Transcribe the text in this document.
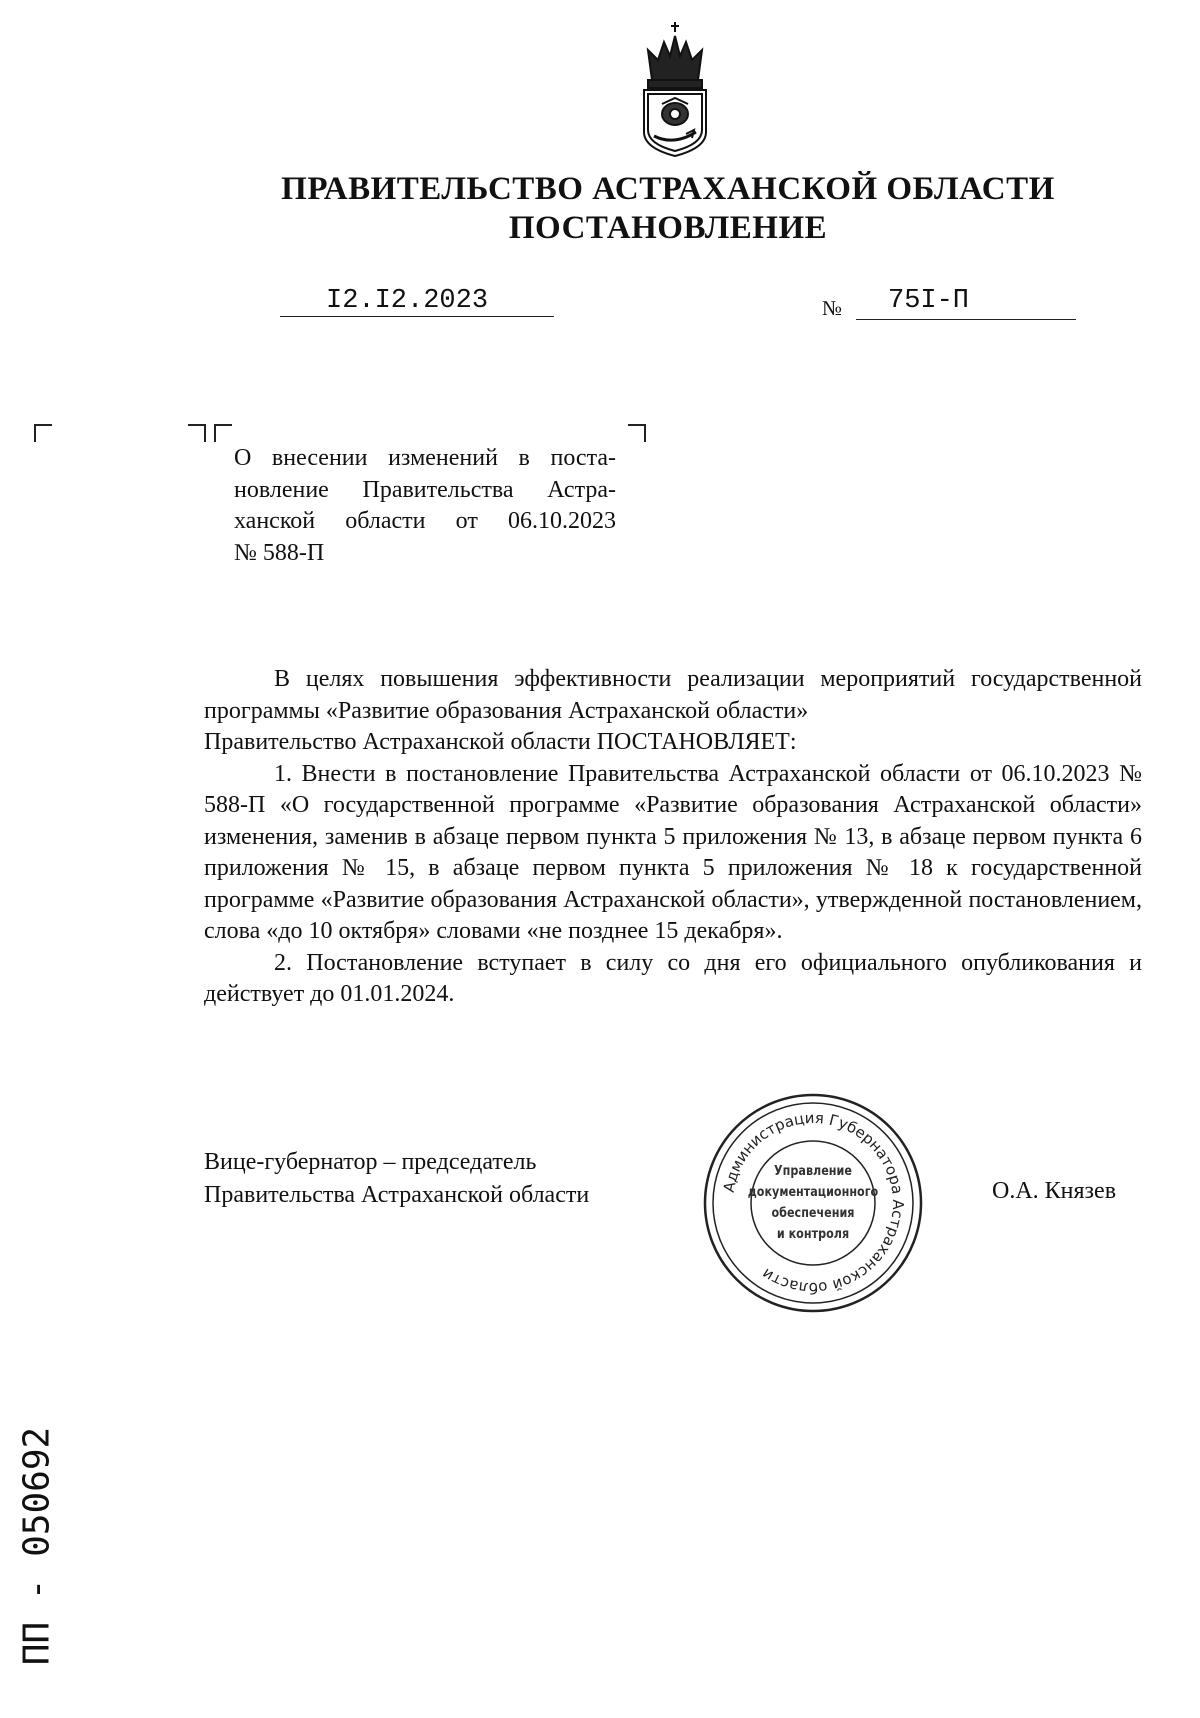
ПРАВИТЕЛЬСТВО АСТРАХАНСКОЙ ОБЛАСТИ
ПОСТАНОВЛЕНИЕ
I2.I2.2023	№ 75I-П
О внесении изменений в поста-
новление Правительства Астра-
ханской области от 06.10.2023

№ 588-П

В целях повышения эффективности реализации мероприятий государственной программы «Развитие образования Астраханской области»

Правительство Астраханской области ПОСТАНОВЛЯЕТ:

1. Внести в постановление Правительства Астраханской области от 06.10.2023 № 588-П «О государственной программе «Развитие образования Астраханской области» изменения, заменив в абзаце первом пункта 5 приложения № 13, в абзаце первом пункта 6 приложения № 15, в абзаце первом пункта 5 приложения № 18 к государственной программе «Развитие образования Астраханской области», утвержденной постановлением, слова «до 10 октября» словами «не позднее 15 декабря».

2. Постановление вступает в силу со дня его официального опубликования и действует до 01.01.2024.

Вице-губернатор – председатель
Правительства Астраханской области	Администрация Губернатора Астраханской области
Управление
документационного
обеспечения
и контроля
О.А. Князев
ПП - 050692
